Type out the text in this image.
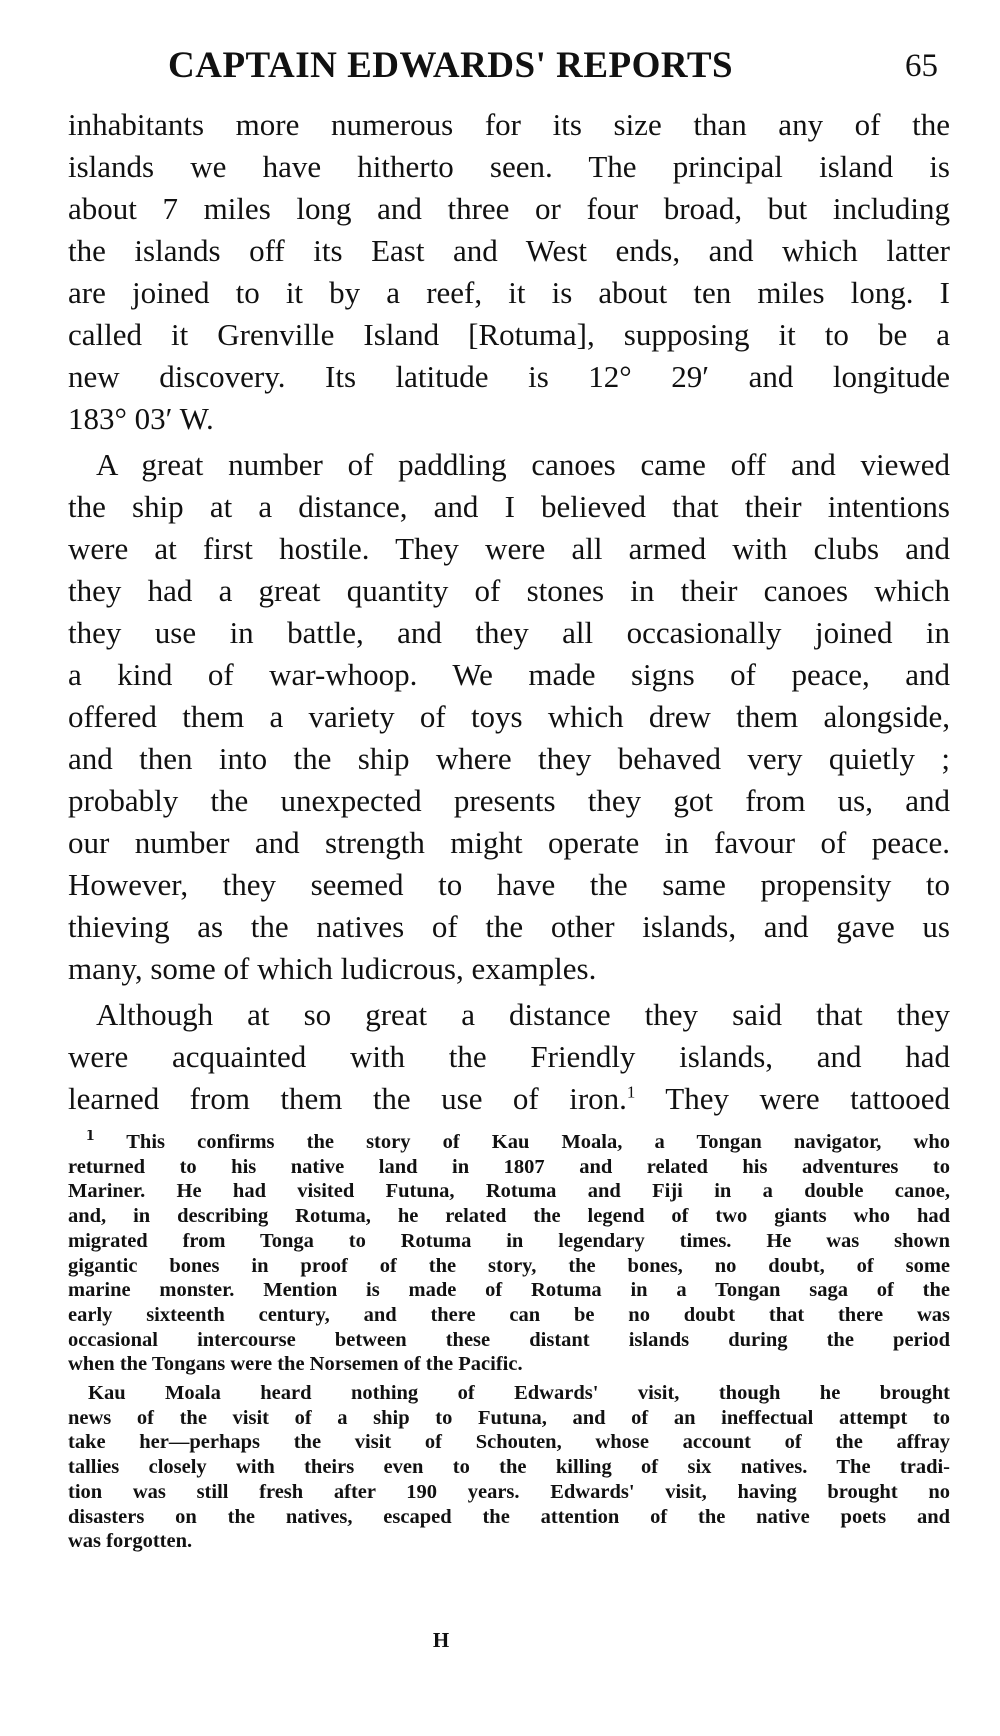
CAPTAIN EDWARDS' REPORTS	65

inhabitants more numerous for its size than any of the
islands we have hitherto seen. The principal island is
about 7 miles long and three or four broad, but including
the islands off its East and West ends, and which latter
are joined to it by a reef, it is about ten miles long. I
called it Grenville Island [Rotuma], supposing it to be a
new discovery. Its latitude is 12° 29′ and longitude
183° 03′ W.

A great number of paddling canoes came off and viewed
the ship at a distance, and I believed that their intentions
were at first hostile. They were all armed with clubs and
they had a great quantity of stones in their canoes which
they use in battle, and they all occasionally joined in
a kind of war-whoop. We made signs of peace, and
offered them a variety of toys which drew them alongside,
and then into the ship where they behaved very quietly ;
probably the unexpected presents they got from us, and
our number and strength might operate in favour of peace.
However, they seemed to have the same propensity to
thieving as the natives of the other islands, and gave us
many, some of which ludicrous, examples.

Although at so great a distance they said that they
were acquainted with the Friendly islands, and had
learned from them the use of iron.$^1$ They were tattooed

$^1$ This confirms the story of Kau Moala, a Tongan navigator, who
returned to his native land in 1807 and related his adventures to
Mariner. He had visited Futuna, Rotuma and Fiji in a double canoe,
and, in describing Rotuma, he related the legend of two giants who had
migrated from Tonga to Rotuma in legendary times. He was shown
gigantic bones in proof of the story, the bones, no doubt, of some
marine monster. Mention is made of Rotuma in a Tongan saga of the
early sixteenth century, and there can be no doubt that there was
occasional intercourse between these distant islands during the period
when the Tongans were the Norsemen of the Pacific.
Kau Moala heard nothing of Edwards' visit, though he brought
news of the visit of a ship to Futuna, and of an ineffectual attempt to
take her—perhaps the visit of Schouten, whose account of the affray
tallies closely with theirs even to the killing of six natives. The tradi-
tion was still fresh after 190 years. Edwards' visit, having brought no
disasters on the natives, escaped the attention of the native poets and
was forgotten.
H
